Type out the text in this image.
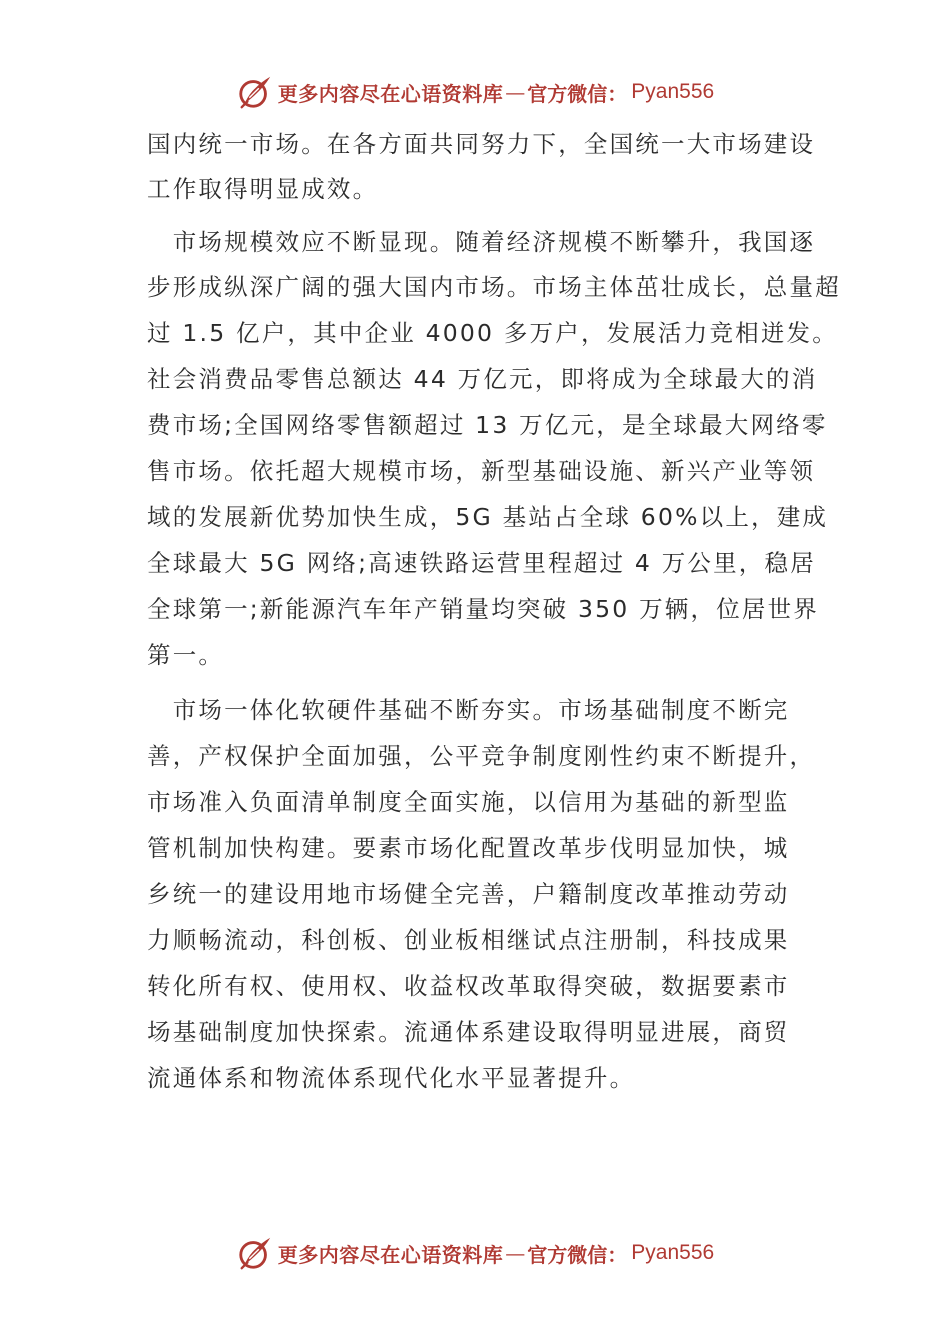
更多内容尽在心语资料库 — 官方微信： Pyan556
国内统一市场。在各方面共同努力下，全国统一大市场建设
工作取得明显成效。
　市场规模效应不断显现。随着经济规模不断攀升，我国逐
步形成纵深广阔的强大国内市场。市场主体茁壮成长，总量超
过 1.5 亿户，其中企业 4000 多万户，发展活力竞相迸发。
社会消费品零售总额达 44 万亿元，即将成为全球最大的消
费市场;全国网络零售额超过 13 万亿元，是全球最大网络零
售市场。依托超大规模市场，新型基础设施、新兴产业等领
域的发展新优势加快生成，5G 基站占全球 60%以上，建成
全球最大 5G 网络;高速铁路运营里程超过 4 万公里，稳居
全球第一;新能源汽车年产销量均突破 350 万辆，位居世界
第一。
　市场一体化软硬件基础不断夯实。市场基础制度不断完
善，产权保护全面加强，公平竞争制度刚性约束不断提升，
市场准入负面清单制度全面实施，以信用为基础的新型监
管机制加快构建。要素市场化配置改革步伐明显加快，城
乡统一的建设用地市场健全完善，户籍制度改革推动劳动
力顺畅流动，科创板、创业板相继试点注册制，科技成果
转化所有权、使用权、收益权改革取得突破，数据要素市
场基础制度加快探索。流通体系建设取得明显进展，商贸
流通体系和物流体系现代化水平显著提升。
更多内容尽在心语资料库 — 官方微信： Pyan556
